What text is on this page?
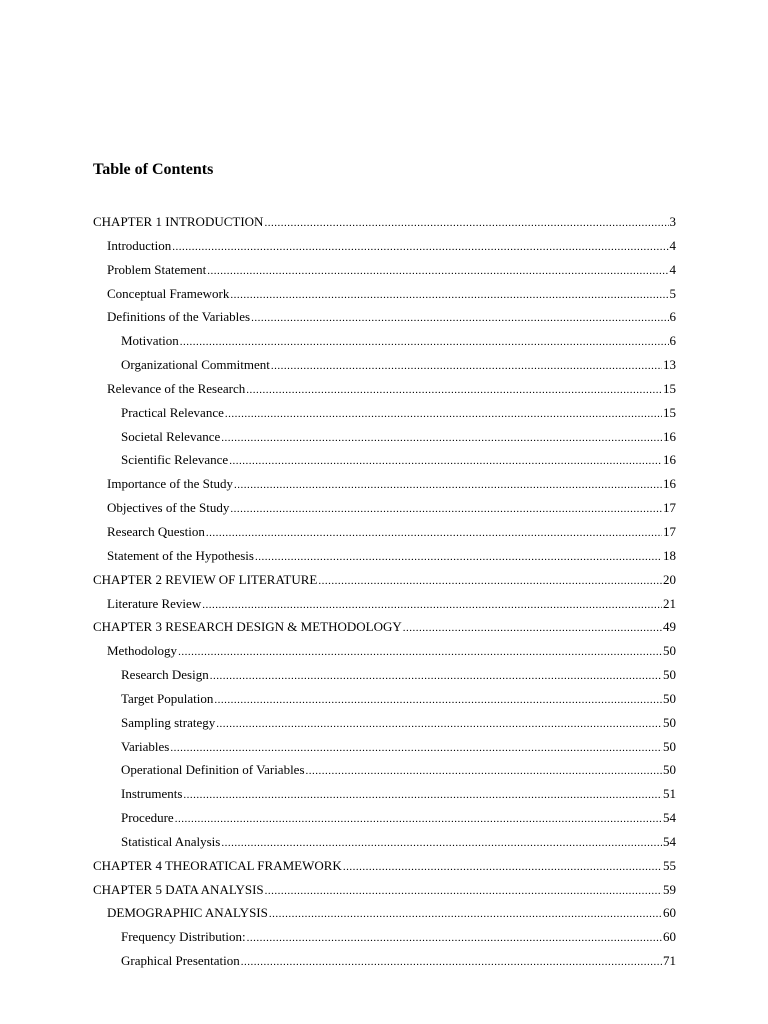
Table of Contents
CHAPTER 1 INTRODUCTION .....	3
Introduction .....	4
Problem Statement .....	4
Conceptual Framework .....	5
Definitions of the Variables .....	6
Motivation .....	6
Organizational Commitment .....	13
Relevance of the Research .....	15
Practical Relevance .....	15
Societal Relevance .....	16
Scientific Relevance .....	16
Importance of the Study .....	16
Objectives of the Study .....	17
Research Question .....	17
Statement of the Hypothesis .....	18
CHAPTER 2 REVIEW OF LITERATURE .....	20
Literature Review .....	21
CHAPTER 3 RESEARCH DESIGN & METHODOLOGY .....	49
Methodology .....	50
Research Design .....	50
Target Population .....	50
Sampling strategy .....	50
Variables .....	50
Operational Definition of Variables .....	50
Instruments .....	51
Procedure .....	54
Statistical Analysis .....	54
CHAPTER 4 THEORATICAL FRAMEWORK .....	55
CHAPTER 5 DATA ANALYSIS .....	59
DEMOGRAPHIC ANALYSIS .....	60
Frequency Distribution: .....	60
Graphical Presentation .....	71
